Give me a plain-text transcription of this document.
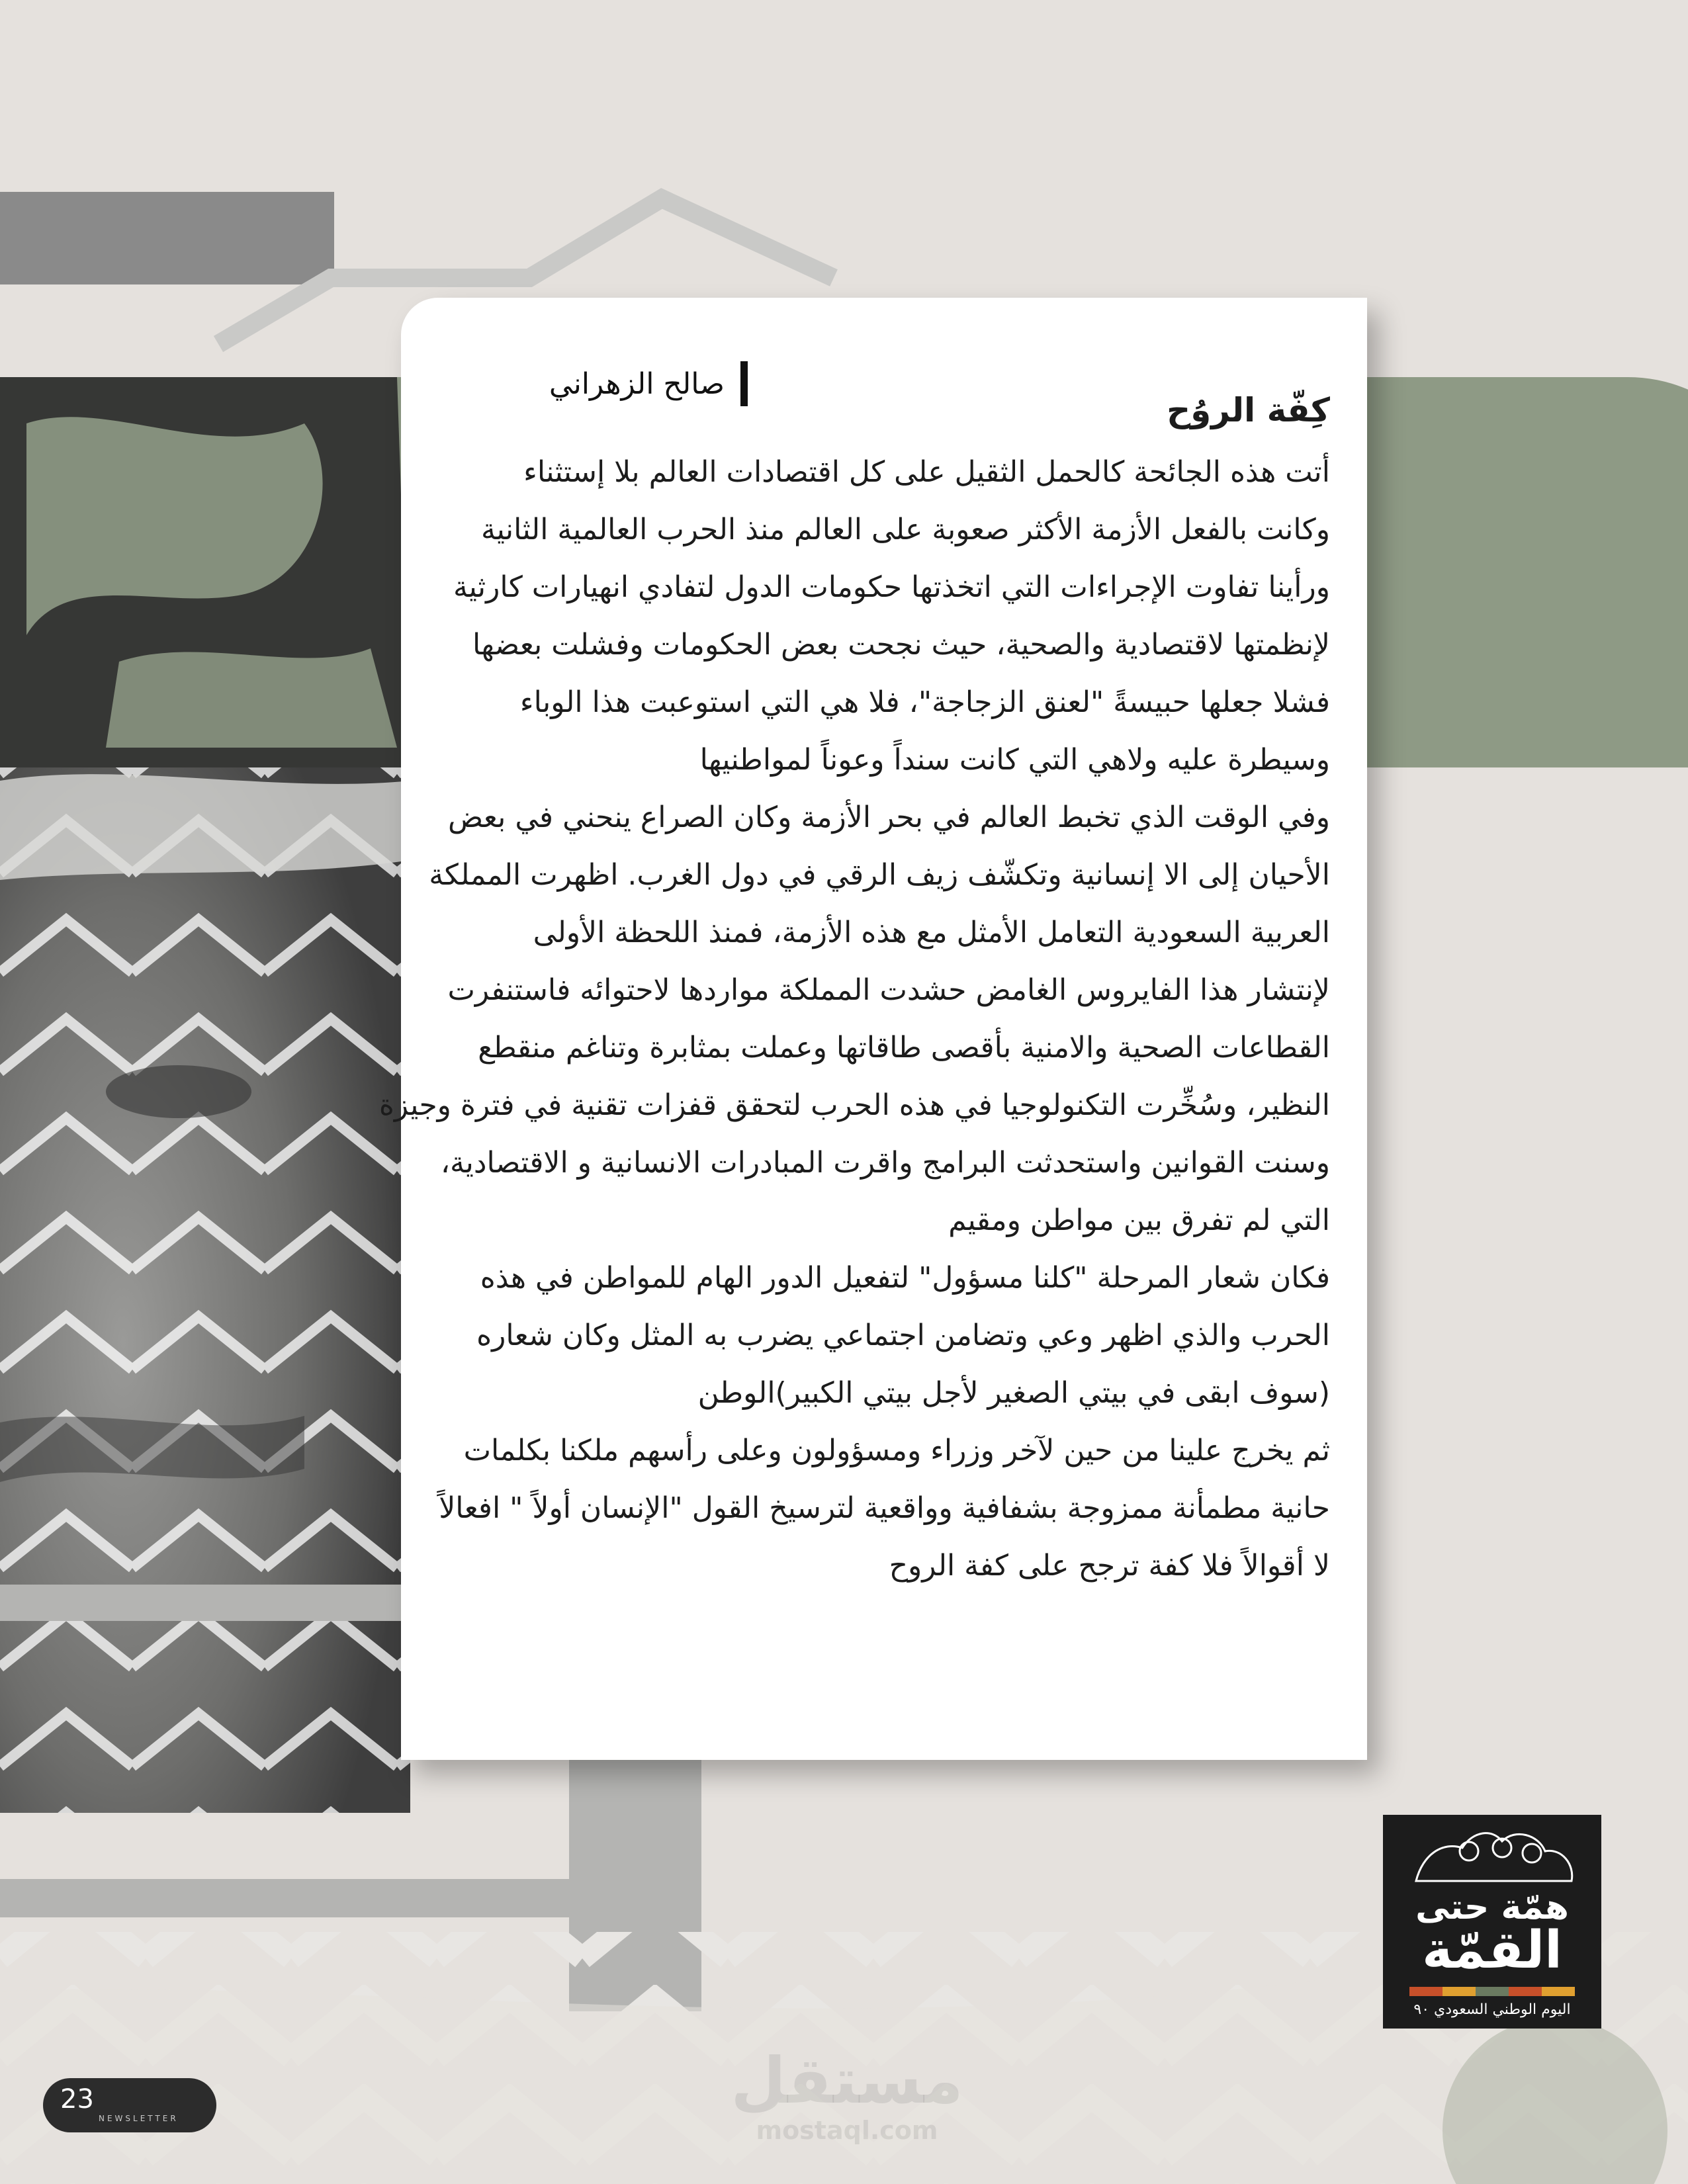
صالح الزهراني
كِفّة الروُح
أتت هذه الجائحة كالحمل الثقيل على كل اقتصادات العالم بلا إستثناء
وكانت بالفعل الأزمة الأكثر صعوبة على العالم منذ الحرب العالمية الثانية
ورأينا تفاوت الإجراءات التي اتخذتها حكومات الدول لتفادي انهيارات كارثية
لإنظمتها لاقتصادية والصحية، حيث نجحت بعض الحكومات وفشلت بعضها
فشلا جعلها حبيسةً "لعنق الزجاجة"، فلا هي التي استوعبت هذا الوباء
وسيطرة عليه ولاهي التي كانت سنداً وعوناً لمواطنيها
وفي الوقت الذي تخبط العالم في بحر الأزمة وكان الصراع ينحني في بعض
الأحيان إلى الا إنسانية وتكشّف زيف الرقي في دول الغرب. اظهرت المملكة
العربية السعودية التعامل الأمثل مع هذه الأزمة، فمنذ اللحظة الأولى
لإنتشار هذا الفايروس الغامض حشدت المملكة مواردها لاحتوائه فاستنفرت
القطاعات الصحية والامنية بأقصى طاقاتها وعملت بمثابرة وتناغم منقطع
النظير، وسُخِّرت التكنولوجيا في هذه الحرب لتحقق قفزات تقنية في فترة وجيزة
وسنت القوانين واستحدثت البرامج واقرت المبادرات الانسانية و الاقتصادية،
التي لم تفرق بين مواطن ومقيم
فكان شعار المرحلة "كلنا مسؤول" لتفعيل الدور الهام للمواطن في هذه
الحرب والذي اظهر وعي وتضامن اجتماعي يضرب به المثل وكان شعاره
(سوف ابقى في بيتي الصغير لأجل بيتي الكبير)الوطن
ثم يخرج علينا من حين لآخر وزراء ومسؤولون وعلى رأسهم ملكنا بكلمات
حانية مطمأنة ممزوجة بشفافية وواقعية لترسيخ القول "الإنسان أولاً " افعالاً
لا أقوالاً فلا كفة ترجح على كفة الروح
همّة حتى
القمّة
اليوم الوطني السعودي ٩٠
مستقل
mostaql.com
23
NEWSLETTER
